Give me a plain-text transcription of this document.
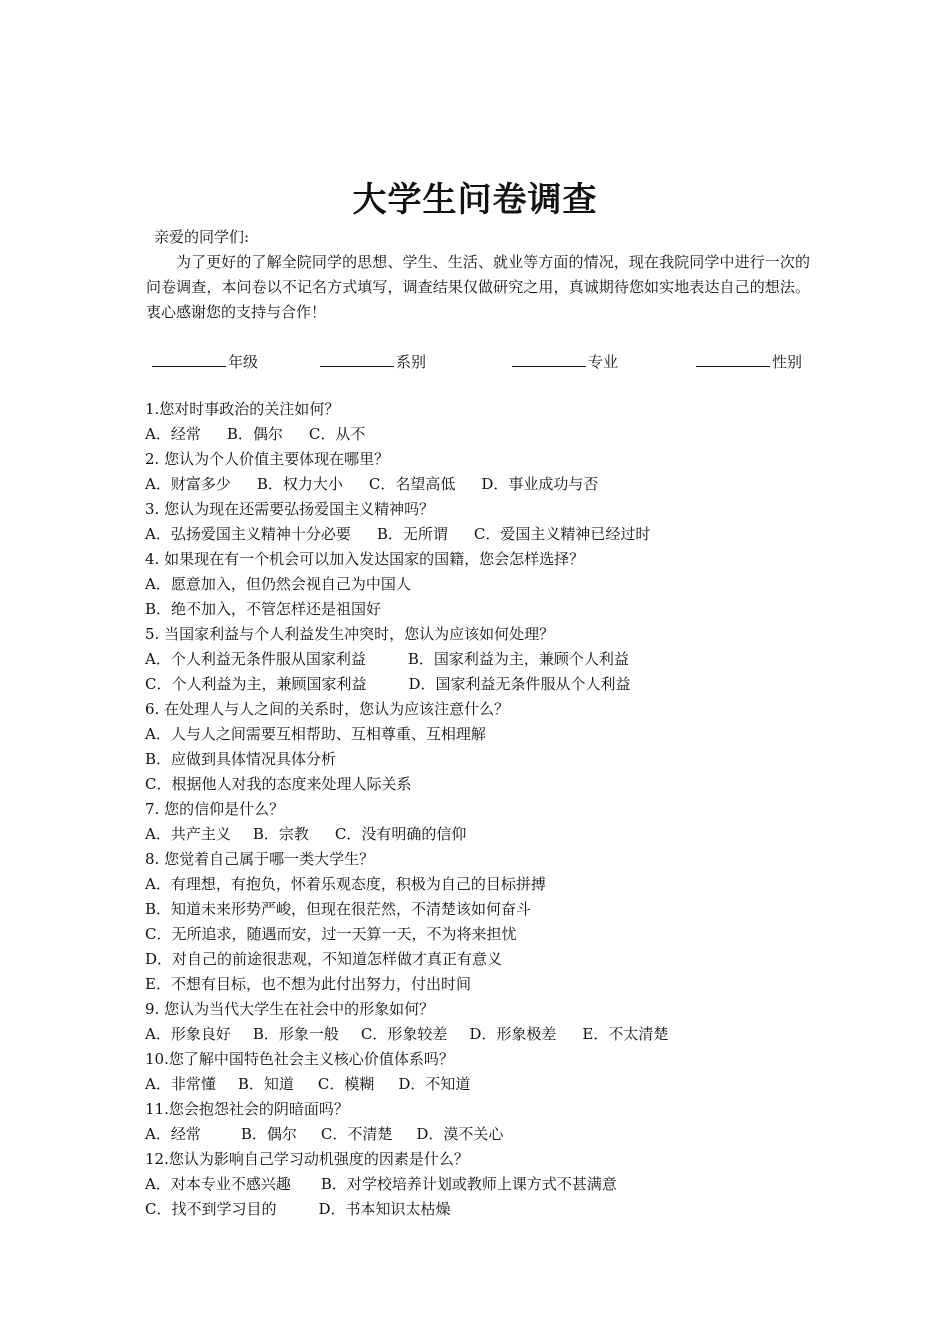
大学生问卷调查
亲爱的同学们:
为了更好的了解全院同学的思想、学生、生活、就业等方面的情况，现在我院同学中进行一次的问卷调查，本问卷以不记名方式填写，调查结果仅做研究之用，真诚期待您如实地表达自己的想法。衷心感谢您的支持与合作！
年级	系别	专业	性别
1.您对时事政治的关注如何？
A．经常 B．偶尔 C．从不
2. 您认为个人价值主要体现在哪里？
A．财富多少 B．权力大小 C．名望高低 D．事业成功与否
3. 您认为现在还需要弘扬爱国主义精神吗？
A．弘扬爱国主义精神十分必要 B．无所谓 C．爱国主义精神已经过时
4. 如果现在有一个机会可以加入发达国家的国籍，您会怎样选择？
A．愿意加入，但仍然会视自己为中国人
B．绝不加入，不管怎样还是祖国好
5. 当国家利益与个人利益发生冲突时，您认为应该如何处理？
A．个人利益无条件服从国家利益	B．国家利益为主，兼顾个人利益
C．个人利益为主，兼顾国家利益	D．国家利益无条件服从个人利益
6. 在处理人与人之间的关系时，您认为应该注意什么？
A．人与人之间需要互相帮助、互相尊重、互相理解
B．应做到具体情况具体分析
C．根据他人对我的态度来处理人际关系
7. 您的信仰是什么？
A．共产主义 B．宗教 C．没有明确的信仰
8. 您觉着自己属于哪一类大学生？
A．有理想，有抱负，怀着乐观态度，积极为自己的目标拼搏
B．知道未来形势严峻，但现在很茫然，不清楚该如何奋斗
C．无所追求，随遇而安，过一天算一天，不为将来担忧
D．对自己的前途很悲观，不知道怎样做才真正有意义
E．不想有目标，也不想为此付出努力，付出时间
9. 您认为当代大学生在社会中的形象如何？
A．形象良好 B．形象一般 C．形象较差 D．形象极差 E．不太清楚
10.您了解中国特色社会主义核心价值体系吗？
A．非常懂 B．知道 C．模糊 D．不知道
11.您会抱怨社会的阴暗面吗？
A．经常	B．偶尔 C．不清楚 D．漠不关心
12.您认为影响自己学习动机强度的因素是什么？
A．对本专业不感兴趣 B．对学校培养计划或教师上课方式不甚满意
C．找不到学习目的	D．书本知识太枯燥
